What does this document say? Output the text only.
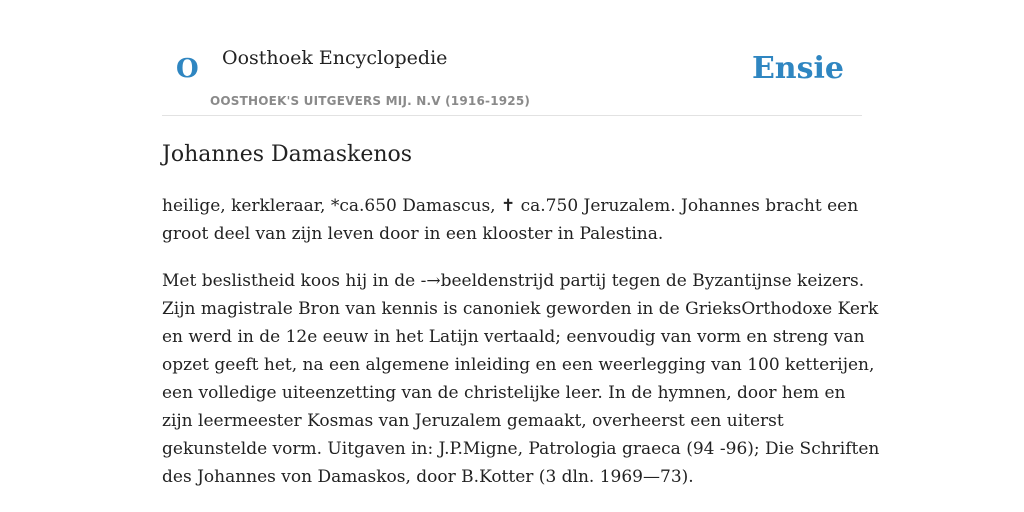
O Oosthoek Encyclopedie
OOSTHOEK'S UITGEVERS MIJ. N.V (1916-1925)
Ensie
Johannes Damaskenos

heilige, kerkleraar, *ca.650 Damascus, ✝ ca.750 Jeruzalem. Johannes bracht een
groot deel van zijn leven door in een klooster in Palestina.

Met beslistheid koos hij in de -→beeldenstrijd partij tegen de Byzantijnse keizers.
Zijn magistrale Bron van kennis is canoniek geworden in de GrieksOrthodoxe Kerk
en werd in de 12e eeuw in het Latijn vertaald; eenvoudig van vorm en streng van
opzet geeft het, na een algemene inleiding en een weerlegging van 100 ketterijen,
een volledige uiteenzetting van de christelijke leer. In de hymnen, door hem en
zijn leermeester Kosmas van Jeruzalem gemaakt, overheerst een uiterst
gekunstelde vorm. Uitgaven in: J.P.Migne, Patrologia graeca (94 -96); Die Schriften
des Johannes von Damaskos, door B.Kotter (3 dln. 1969—73).
